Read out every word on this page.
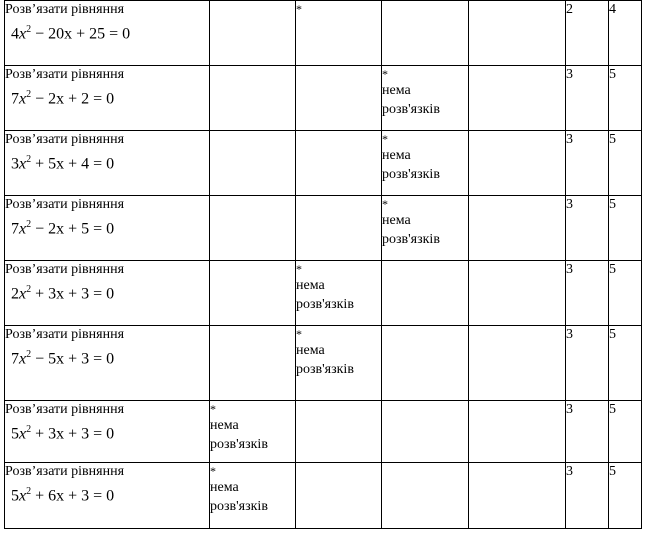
Розв’язати рівняння
$4x^2 - 20x + 25 = 0$		*			2	4

Розв’язати рівняння
$7x^2 - 2x + 2 = 0$			*
нема
розв'язків		3	5

Розв’язати рівняння
$3x^2 + 5x + 4 = 0$			*
нема
розв'язків		3	5

Розв’язати рівняння
$7x^2 - 2x + 5 = 0$			*
нема
розв'язків		3	5

Розв’язати рівняння
$2x^2 + 3x + 3 = 0$		*
нема
розв'язків			3	5

Розв’язати рівняння
$7x^2 - 5x + 3 = 0$		*
нема
розв'язків			3	5

Розв’язати рівняння
$5x^2 + 3x + 3 = 0$	*
нема
розв'язків				3	5

Розв’язати рівняння
$5x^2 + 6x + 3 = 0$	*
нема
розв'язків				3	5
